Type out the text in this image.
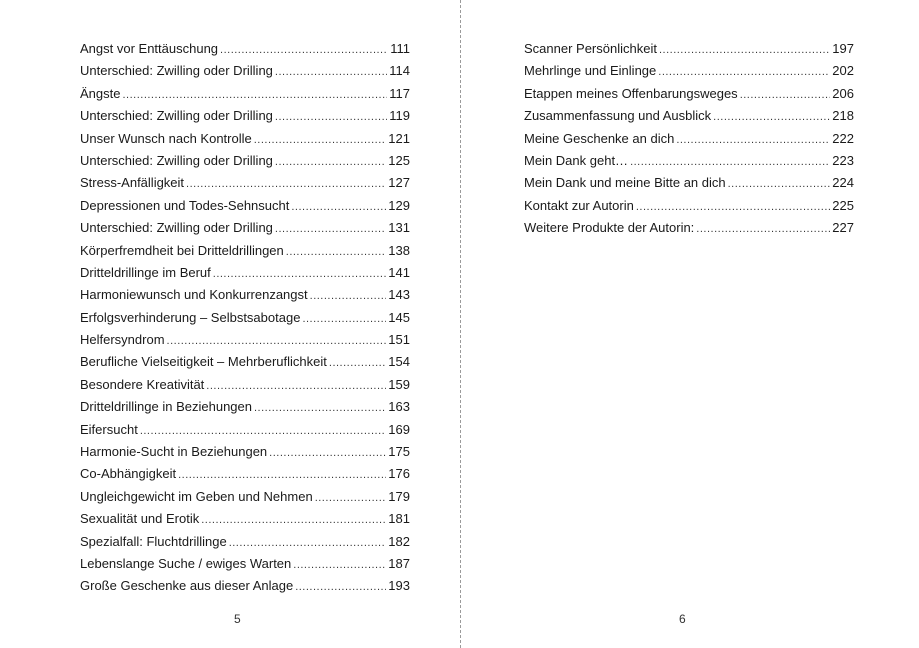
Angst vor Enttäuschung .....	111
Unterschied: Zwilling oder Drilling .....	114
Ängste .....	117
Unterschied: Zwilling oder Drilling .....	119
Unser Wunsch nach Kontrolle .....	121
Unterschied: Zwilling oder Drilling .....	125
Stress-Anfälligkeit .....	127
Depressionen und Todes-Sehnsucht .....	129
Unterschied: Zwilling oder Drilling .....	131
Körperfremdheit bei Dritteldrillingen .....	138
Dritteldrillinge im Beruf .....	141
Harmoniewunsch und Konkurrenzangst .....	143
Erfolgsverhinderung – Selbstsabotage .....	145
Helfersyndrom .....	151
Berufliche Vielseitigkeit – Mehrberuflichkeit .....	154
Besondere Kreativität .....	159
Dritteldrillinge in Beziehungen .....	163
Eifersucht .....	169
Harmonie-Sucht in Beziehungen .....	175
Co-Abhängigkeit .....	176
Ungleichgewicht im Geben und Nehmen .....	179
Sexualität und Erotik .....	181
Spezialfall: Fluchtdrillinge .....	182
Lebenslange Suche / ewiges Warten .....	187
Große Geschenke aus dieser Anlage .....	193
5
Scanner Persönlichkeit .....	197
Mehrlinge und Einlinge .....	202
Etappen meines Offenbarungsweges .....	206
Zusammenfassung und Ausblick .....	218
Meine Geschenke an dich .....	222
Mein Dank geht… .....	223
Mein Dank und meine Bitte an dich .....	224
Kontakt zur Autorin .....	225
Weitere Produkte der Autorin: .....	227
6
